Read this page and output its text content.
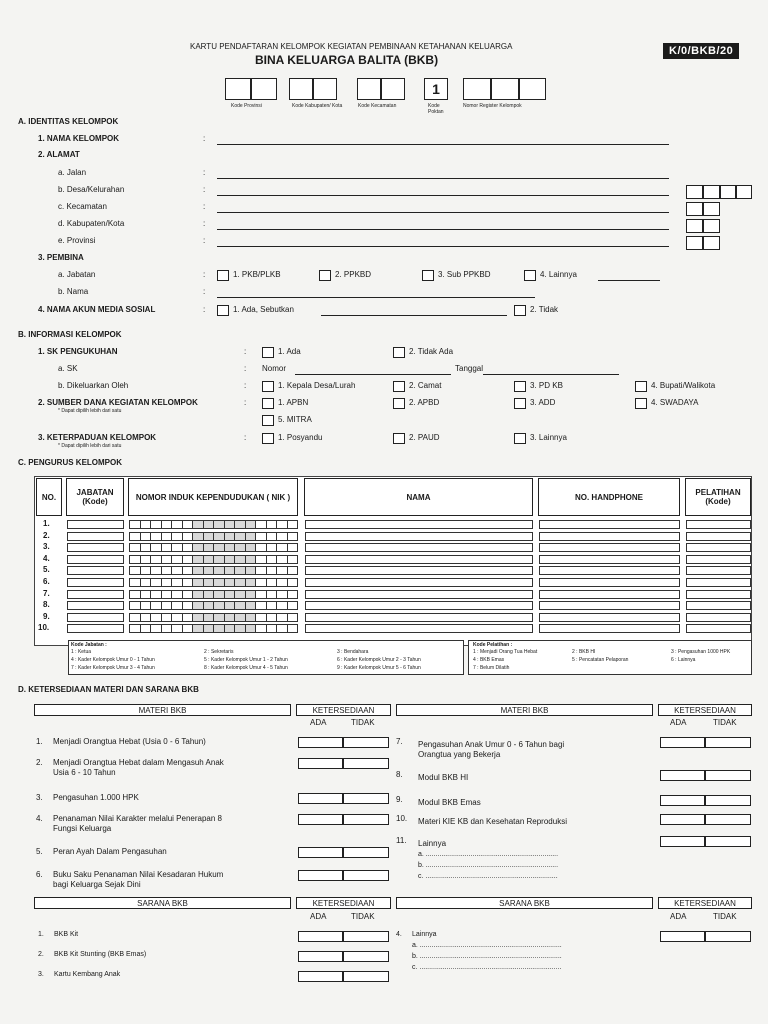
KARTU PENDAFTARAN KELOMPOK KEGIATAN PEMBINAAN KETAHANAN KELUARGA
BINA KELUARGA BALITA (BKB)
K/0/BKB/20
1
Kode Provinsi	Kode Kabupaten/ Kota	Kode Kecamatan	Kode Poktan
Nomor Register Kelompok
A. IDENTITAS KELOMPOK
1. NAMA KELOMPOK	:
2. ALAMAT
a. Jalan	:
b. Desa/Kelurahan	:
c. Kecamatan	:
d. Kabupaten/Kota	:
e. Provinsi	:
3. PEMBINA
a. Jabatan	:	1. PKB/PLKB	2. PPKBD	3. Sub PPKBD	4. Lainnya
b. Nama	:
4. NAMA AKUN MEDIA SOSIAL	:	1. Ada, Sebutkan	2. Tidak
B. INFORMASI KELOMPOK
1. SK PENGUKUHAN	:	1. Ada	2. Tidak Ada
a. SK	: Nomor	Tanggal
b. Dikeluarkan Oleh	:	1. Kepala Desa/Lurah	2. Camat	3. PD KB	4. Bupati/Walikota
2. SUMBER DANA KEGIATAN KELOMPOK
* Dapat dipilih lebih dari satu
:	1. APBN	2. APBD	3. ADD	4. SWADAYA
5. MITRA
3. KETERPADUAN KELOMPOK
* Dapat dipilih lebih dari satu
:	1. Posyandu	2. PAUD	3. Lainnya
C. PENGURUS KELOMPOK
NO.	JABATAN (Kode)	NOMOR INDUK KEPENDUDUKAN ( NIK )	NAMA	NO. HANDPHONE	PELATIHAN (Kode)
1.
2.
3.
4.
5.
6.
7.
8.
9.
10.
Kode Jabatan :
1 : Ketua	2 : Sekretaris	3 : Bendahara
4 : Kader Kelompok Umur 0 - 1 Tahun	5 : Kader Kelompok Umur 1 - 2 Tahun	6 : Kader Kelompok Umur 2 - 3 Tahun
7 : Kader Kelompok Umur 3 - 4 Tahun	8 : Kader Kelompok Umur 4 - 5 Tahun	9 : Kader Kelompok Umur 5 - 6 Tahun
Kode Pelatihan :
1 : Menjadi Orang Tua Hebat	2 : BKB HI	3 : Pengasuhan 1000 HPK
4 : BKB Emas	5 : Pencatatan Pelaporan	6 : Lainnya
7 : Belum Dilatih
D. KETERSEDIAAN MATERI DAN SARANA BKB
MATERI BKB	KETERSEDIAAN
ADA	TIDAK
MATERI BKB	KETERSEDIAAN
ADA	TIDAK
1. Menjadi Orangtua Hebat (Usia 0 - 6 Tahun)
2. Menjadi Orangtua Hebat dalam Mengasuh Anak
Usia 6 - 10 Tahun
3. Pengasuhan 1.000 HPK
4. Penanaman Nilai Karakter melalui Penerapan 8
Fungsi Keluarga
5. Peran Ayah Dalam Pengasuhan
6. Buku Saku Penanaman Nilai Kesadaran Hukum
bagi Keluarga Sejak Dini
7. Pengasuhan Anak Umur 0 - 6 Tahun bagi
Orangtua yang Bekerja
8. Modul BKB HI
9. Modul BKB Emas
10. Materi KIE KB dan Kesehatan Reproduksi
11. Lainnya
a. ....................................................................
b. ....................................................................
c. ....................................................................
SARANA BKB	KETERSEDIAAN
ADA	TIDAK
SARANA BKB	KETERSEDIAAN
ADA	TIDAK
1. BKB Kit
2. BKB Kit Stunting (BKB Emas)
3. Kartu Kembang Anak
4. Lainnya
a. .........................................................................
b. .........................................................................
c. .........................................................................
